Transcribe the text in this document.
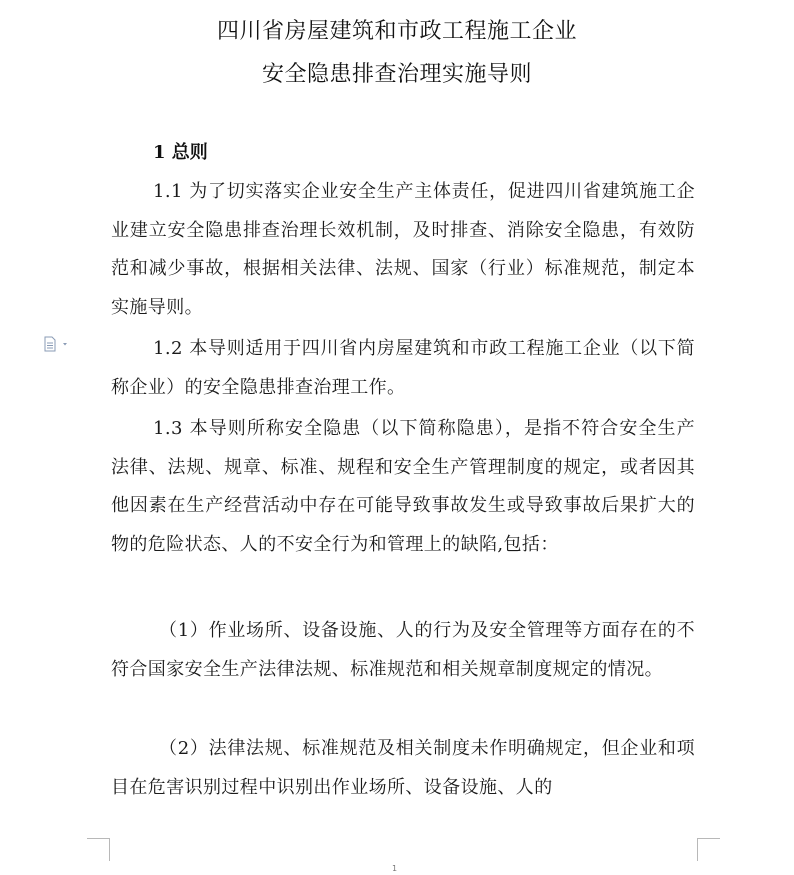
四川省房屋建筑和市政工程施工企业
安全隐患排查治理实施导则
1 总则

1.1 为了切实落实企业安全生产主体责任，促进四川省建筑施工企业建立安全隐患排查治理长效机制，及时排查、消除安全隐患，有效防范和减少事故，根据相关法律、法规、国家（行业）标准规范，制定本实施导则。

1.2 本导则适用于四川省内房屋建筑和市政工程施工企业（以下简称企业）的安全隐患排查治理工作。

1.3 本导则所称安全隐患（以下简称隐患），是指不符合安全生产法律、法规、规章、标准、规程和安全生产管理制度的规定，或者因其他因素在生产经营活动中存在可能导致事故发生或导致事故后果扩大的物的危险状态、人的不安全行为和管理上的缺陷,包括：

（1）作业场所、设备设施、人的行为及安全管理等方面存在的不符合国家安全生产法律法规、标准规范和相关规章制度规定的情况。

（2）法律法规、标准规范及相关制度未作明确规定，但企业和项目在危害识别过程中识别出作业场所、设备设施、人的

1
